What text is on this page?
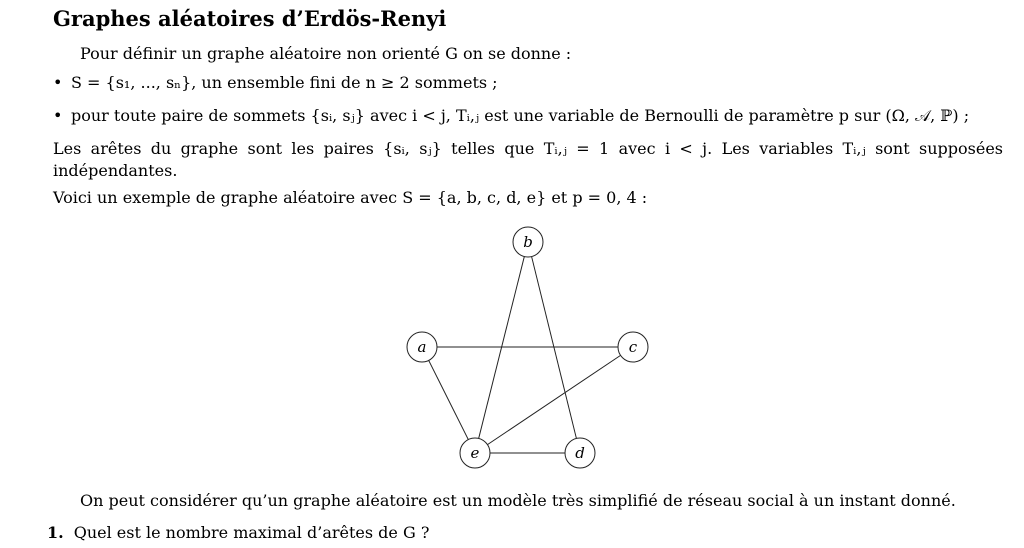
Graphes aléatoires d’Erdös-Renyi
Pour définir un graphe aléatoire non orienté G on se donne :
• S = {s₁, ..., sₙ}, un ensemble fini de n ≥ 2 sommets ;
• pour toute paire de sommets {sᵢ, sⱼ} avec i < j, Tᵢ,ⱼ est une variable de Bernoulli de paramètre p sur (Ω, 𝒜, ℙ) ;
Les arêtes du graphe sont les paires {sᵢ, sⱼ} telles que Tᵢ,ⱼ = 1 avec i < j. Les variables Tᵢ,ⱼ sont supposées indépendantes.
Voici un exemple de graphe aléatoire avec S = {a, b, c, d, e} et p = 0, 4 :
a
b
c
d
e
On peut considérer qu’un graphe aléatoire est un modèle très simplifié de réseau social à un instant donné.
1. Quel est le nombre maximal d’arêtes de G ?
